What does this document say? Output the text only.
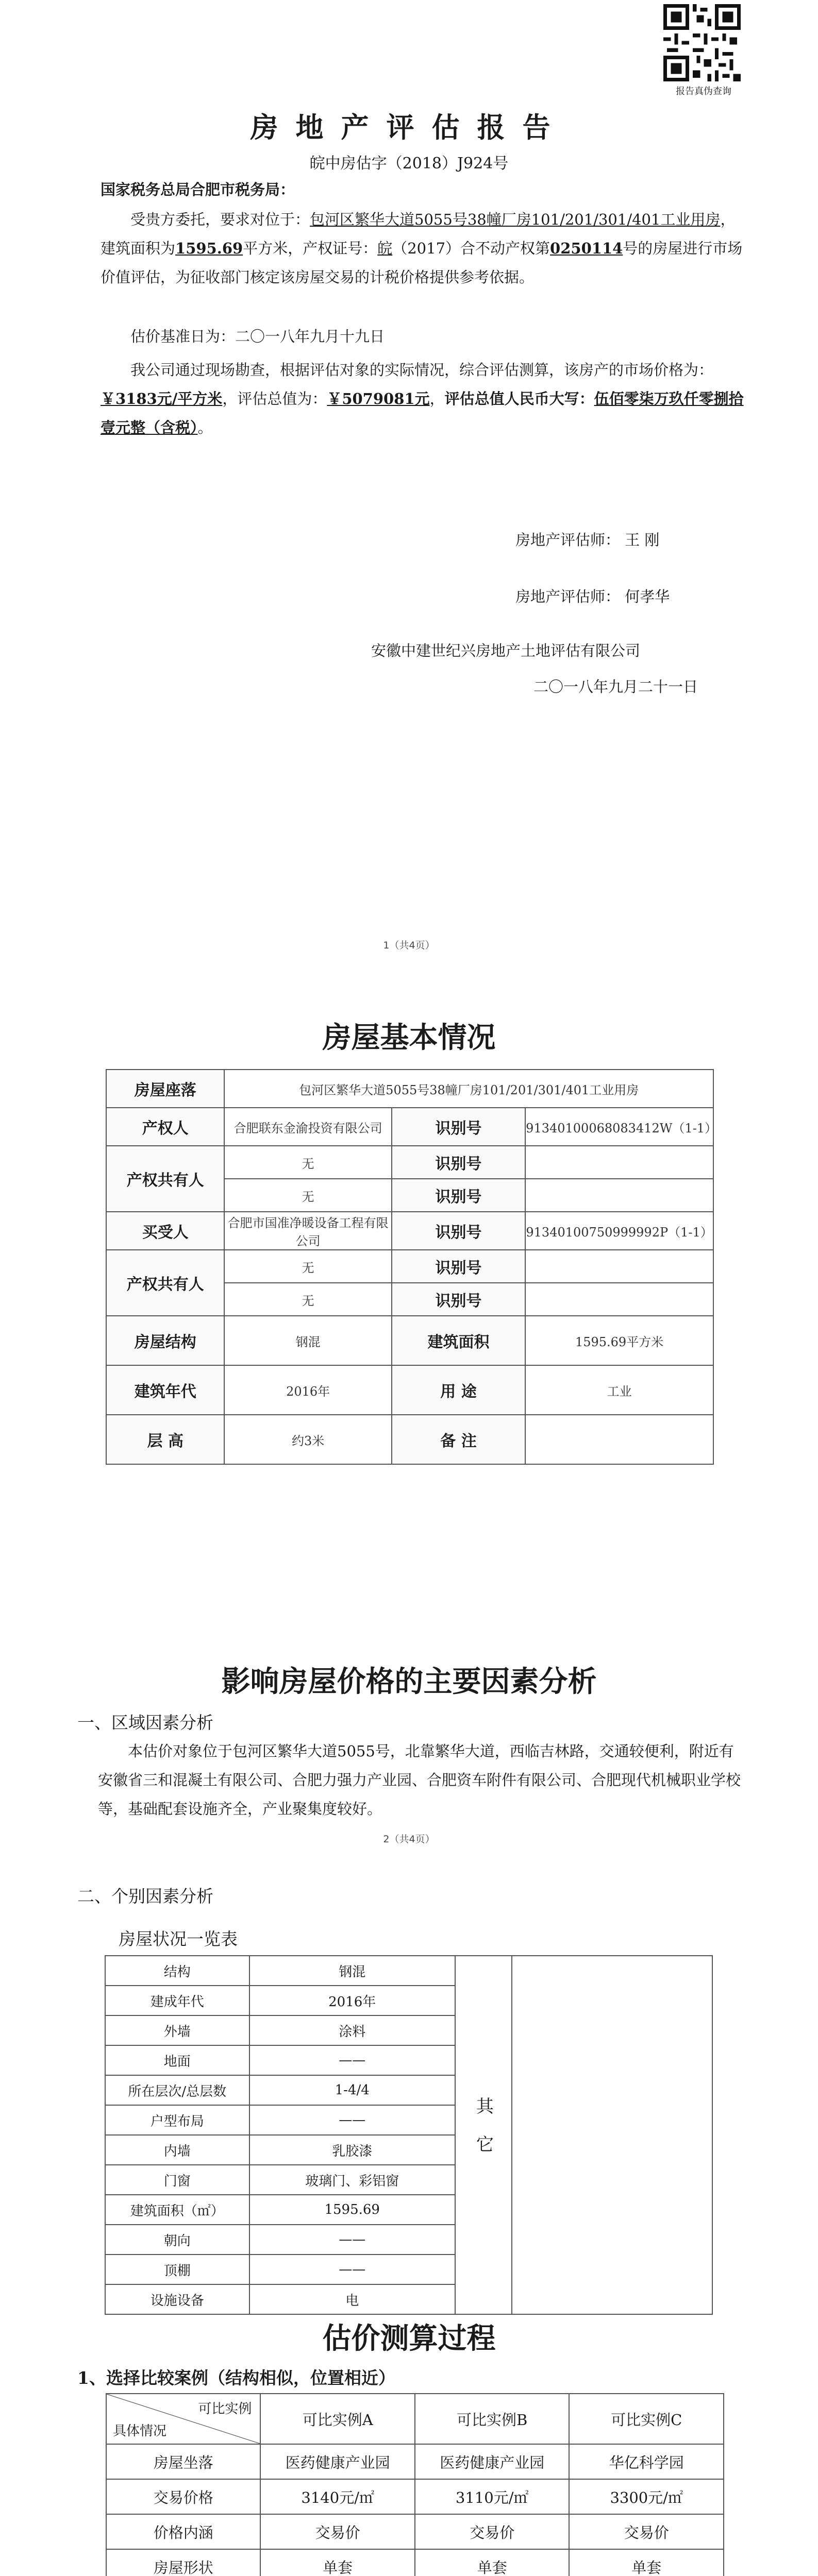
报告真伪查询
房地产评估报告
皖中房估字（2018）J924号
国家税务总局合肥市税务局：
受贵方委托，要求对位于：包河区繁华大道5055号38幢厂房101/201/301/401工业用房，建筑面积为1595.69平方米，产权证号：皖（2017）合不动产权第0250114号的房屋进行市场价值评估，为征收部门核定该房屋交易的计税价格提供参考依据。
估价基准日为：二〇一八年九月十九日
我公司通过现场勘查，根据评估对象的实际情况，综合评估测算，该房产的市场价格为：￥3183元/平方米，评估总值为：￥5079081元，评估总值人民币大写：伍佰零柒万玖仟零捌拾壹元整（含税）。
房地产评估师： 王 刚
房地产评估师： 何孝华
安徽中建世纪兴房地产土地评估有限公司
二〇一八年九月二十一日
1（共4页）
房屋基本情况
房屋座落	包河区繁华大道5055号38幢厂房101/201/301/401工业用房		
产权人	合肥联东金渝投资有限公司	识别号	91340100068083412W（1-1）
产权共有人	无	识别号	
	无	识别号	
买受人	合肥市国准净暖设备工程有限公司	识别号	91340100750999992P（1-1）
产权共有人	无	识别号	
	无	识别号	
房屋结构	钢混	建筑面积	1595.69平方米
建筑年代	2016年	用 途	工业
层 高	约3米	备 注	
影响房屋价格的主要因素分析
一、区域因素分析
本估价对象位于包河区繁华大道5055号，北靠繁华大道，西临吉林路，交通较便利，附近有安徽省三和混凝土有限公司、合肥力强力产业园、合肥资车附件有限公司、合肥现代机械职业学校等，基础配套设施齐全，产业聚集度较好。
2（共4页）
二、个别因素分析
房屋状况一览表
结构	钢混	其它	
建成年代	2016年		
外墙	涂料		
地面	——		
所在层次/总层数	1-4/4		
户型布局	——		
内墙	乳胶漆		
门窗	玻璃门、彩铝窗		
建筑面积（㎡）	1595.69		
朝向	——		
顶棚	——		
设施设备	电		
估价测算过程
1、选择比较案例（结构相似，位置相近）
可比实例
具体情况	可比实例A	可比实例B	可比实例C
房屋坐落	医药健康产业园	医药健康产业园	华亿科学园
交易价格	3140元/㎡	3110元/㎡	3300元/㎡
价格内涵	交易价	交易价	交易价
房屋形状	单套	单套	单套
